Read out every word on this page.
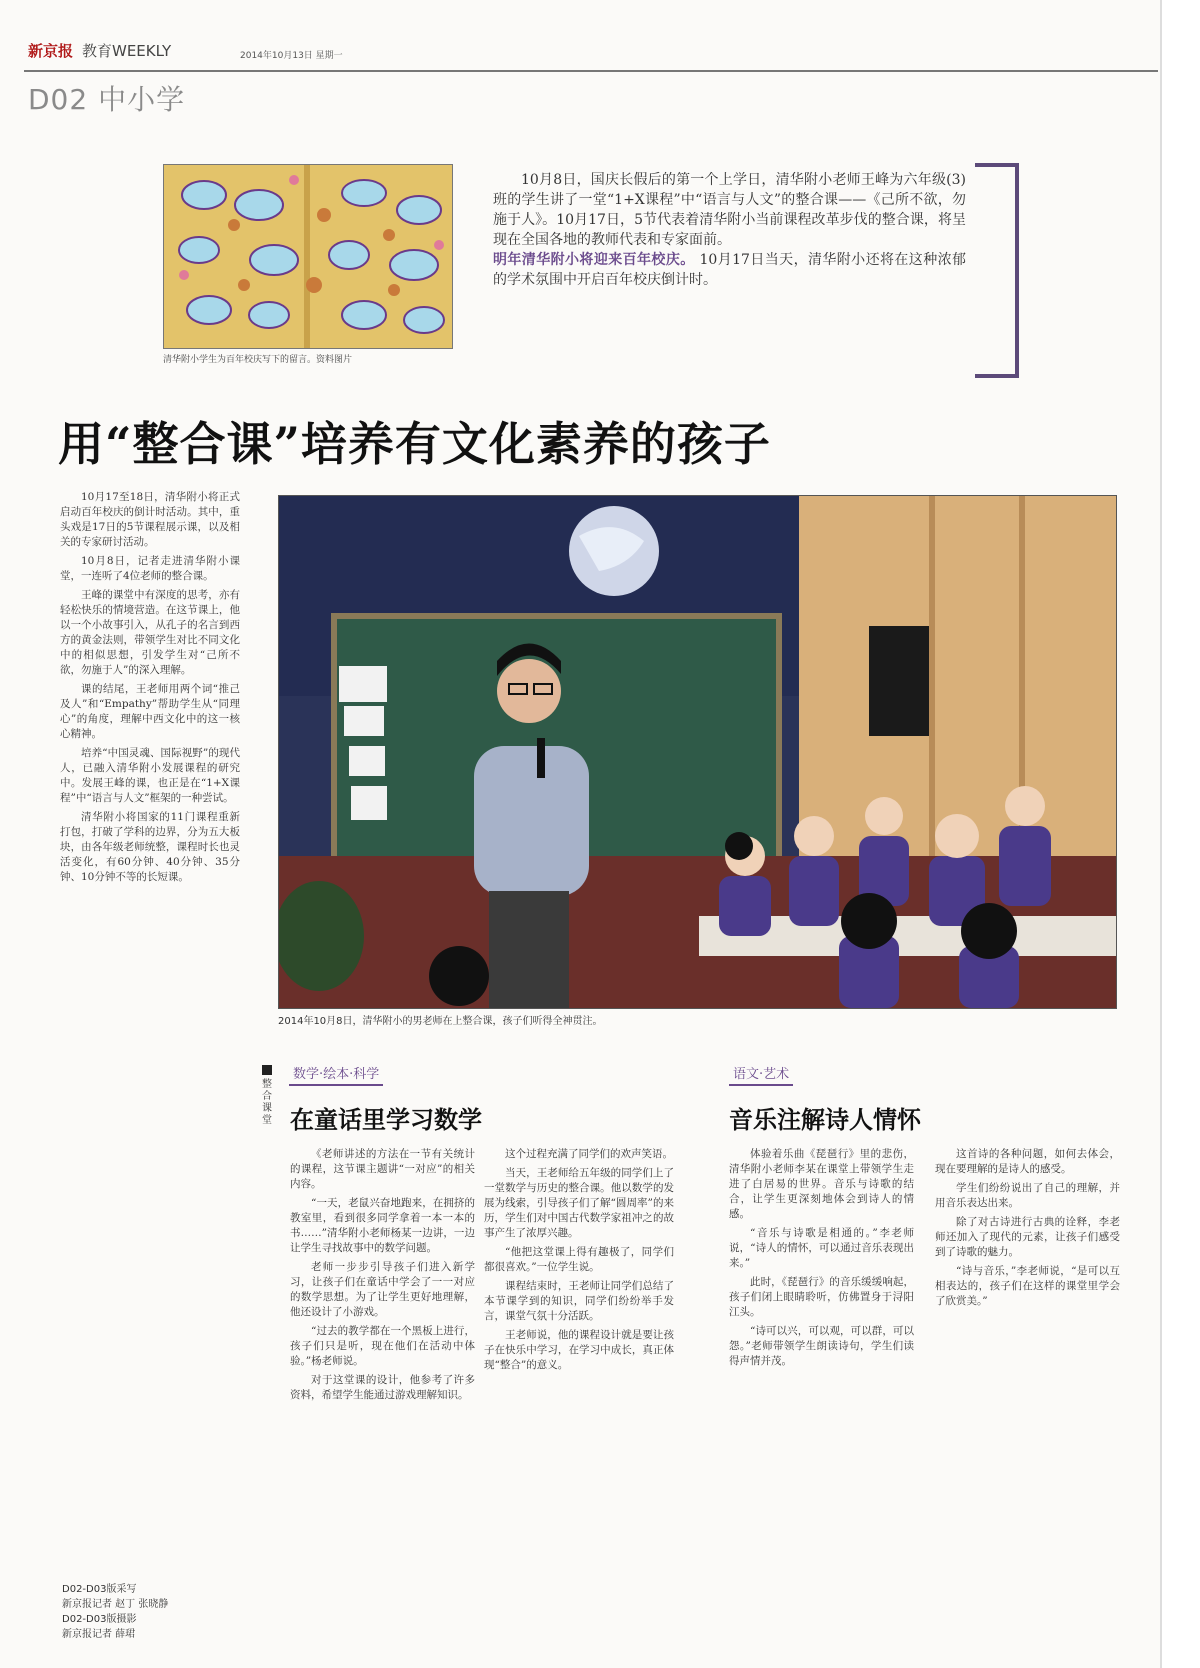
新京报 教育WEEKLY	2014年10月13日 星期一
D02 中小学
清华附小学生为百年校庆写下的留言。资料图片
10月8日，国庆长假后的第一个上学日，清华附小老师王峰为六年级(3)班的学生讲了一堂“1+X课程”中“语言与人文”的整合课——《己所不欲，勿施于人》。10月17日，5节代表着清华附小当前课程改革步伐的整合课，将呈现在全国各地的教师代表和专家面前。
明年清华附小将迎来百年校庆。 10月17日当天，清华附小还将在这种浓郁的学术氛围中开启百年校庆倒计时。
用“整合课”培养有文化素养的孩子

10月17至18日，清华附小将正式启动百年校庆的倒计时活动。其中，重头戏是17日的5节课程展示课，以及相关的专家研讨活动。

10月8日，记者走进清华附小课堂，一连听了4位老师的整合课。

王峰的课堂中有深度的思考，亦有轻松快乐的情境营造。在这节课上，他以一个小故事引入，从孔子的名言到西方的黄金法则，带领学生对比不同文化中的相似思想，引发学生对“己所不欲，勿施于人”的深入理解。

课的结尾，王老师用两个词“推己及人”和“Empathy”帮助学生从“同理心”的角度，理解中西文化中的这一核心精神。

培养“中国灵魂、国际视野”的现代人，已融入清华附小发展课程的研究中。发展王峰的课，也正是在“1+X课程”中“语言与人文”框架的一种尝试。

清华附小将国家的11门课程重新打包，打破了学科的边界，分为五大板块，由各年级老师统整，课程时长也灵活变化，有60分钟、40分钟、35分钟、10分钟不等的长短课。

2014年10月8日，清华附小的男老师在上整合课，孩子们听得全神贯注。
整合课堂
数学·绘本·科学
在童话里学习数学

《老师讲述的方法在一节有关统计的课程，这节课主题讲“一对应”的相关内容。

“一天，老鼠兴奋地跑来，在拥挤的教室里，看到很多同学拿着一本一本的书……”清华附小老师杨某一边讲，一边让学生寻找故事中的数学问题。

老师一步步引导孩子们进入新学习，让孩子们在童话中学会了一一对应的数学思想。为了让学生更好地理解，他还设计了小游戏。

“过去的教学都在一个黑板上进行，孩子们只是听，现在他们在活动中体验。”杨老师说。

对于这堂课的设计，他参考了许多资料，希望学生能通过游戏理解知识。

这个过程充满了同学们的欢声笑语。

当天，王老师给五年级的同学们上了一堂数学与历史的整合课。他以数学的发展为线索，引导孩子们了解“圆周率”的来历，学生们对中国古代数学家祖冲之的故事产生了浓厚兴趣。

“他把这堂课上得有趣极了，同学们都很喜欢。”一位学生说。

课程结束时，王老师让同学们总结了本节课学到的知识，同学们纷纷举手发言，课堂气氛十分活跃。

王老师说，他的课程设计就是要让孩子在快乐中学习，在学习中成长，真正体现“整合”的意义。

语文·艺术
音乐注解诗人情怀

体验着乐曲《琵琶行》里的悲伤，清华附小老师李某在课堂上带领学生走进了白居易的世界。音乐与诗歌的结合，让学生更深刻地体会到诗人的情感。

“音乐与诗歌是相通的。”李老师说，“诗人的情怀，可以通过音乐表现出来。”

此时，《琵琶行》的音乐缓缓响起，孩子们闭上眼睛聆听，仿佛置身于浔阳江头。

“诗可以兴，可以观，可以群，可以怨。”老师带领学生朗读诗句，学生们读得声情并茂。

这首诗的各种问题，如何去体会，现在要理解的是诗人的感受。

学生们纷纷说出了自己的理解，并用音乐表达出来。

除了对古诗进行古典的诠释，李老师还加入了现代的元素，让孩子们感受到了诗歌的魅力。

“诗与音乐，”李老师说，“是可以互相表达的，孩子们在这样的课堂里学会了欣赏美。”

D02-D03版采写
新京报记者 赵丁 张晓静
D02-D03版摄影
新京报记者 薛珺
